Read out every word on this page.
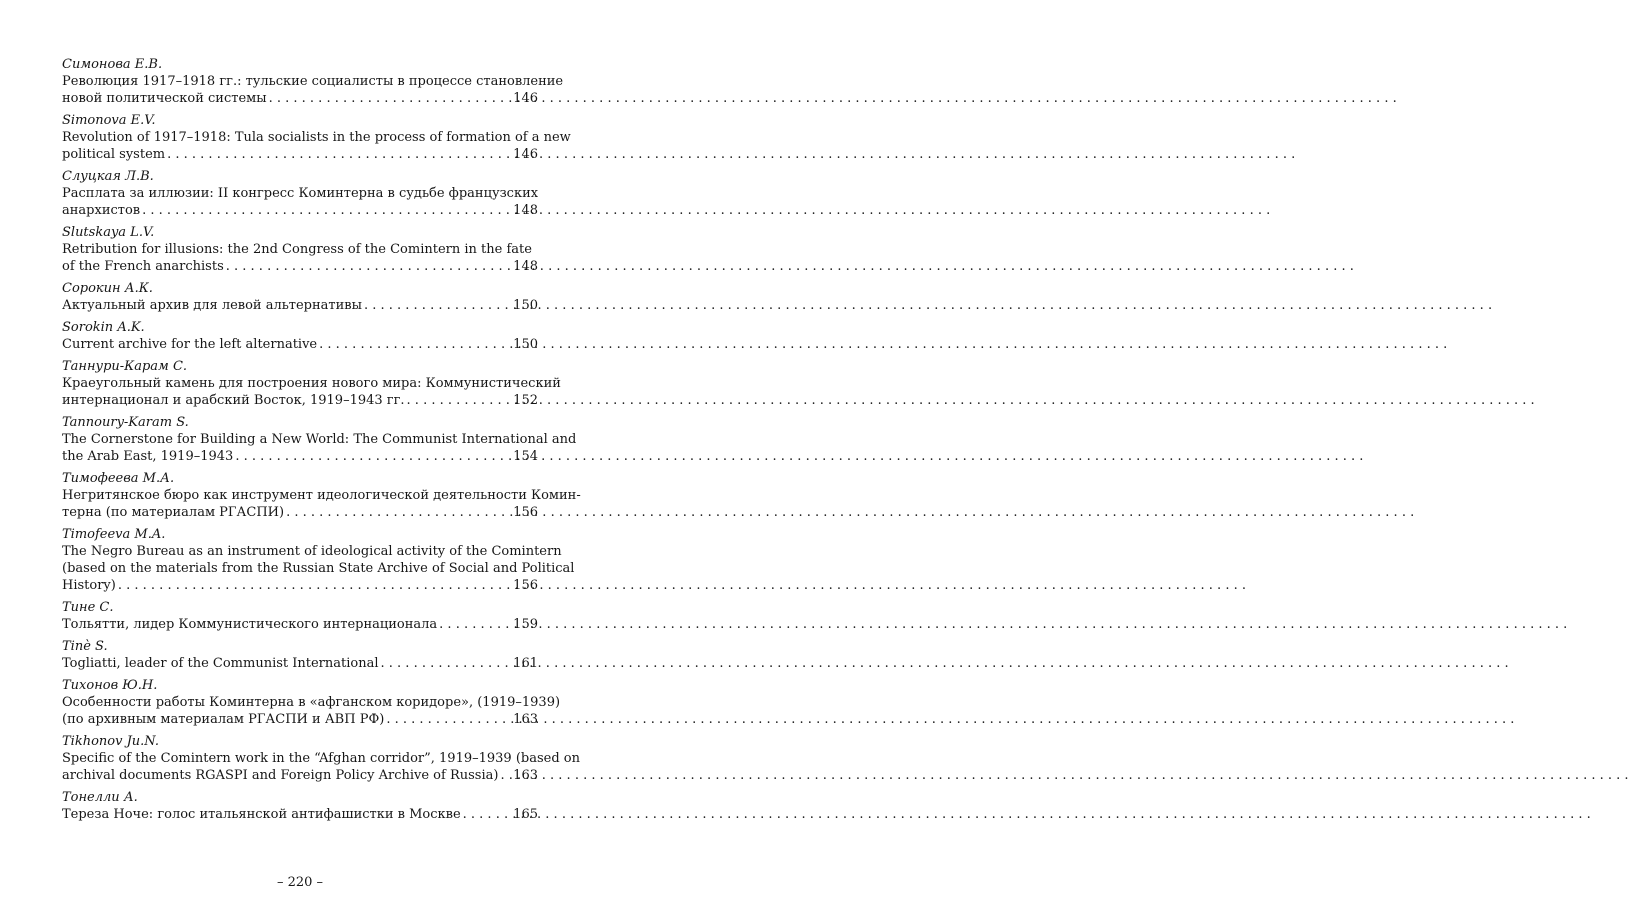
Симонова Е.В.
Революция 1917–1918 гг.: тульские социалисты в процессе становление
новой политической системы . . .	146
Simonova E.V.
Revolution of 1917–1918: Tula socialists in the process of formation of a new
political system . . .	146
Слуцкая Л.В.
Расплата за иллюзии: II конгресс Коминтерна в судьбе французских
анархистов . . .	148
Slutskaya L.V.
Retribution for illusions: the 2nd Congress of the Comintern in the fate
of the French anarchists . . .	148
Сорокин А.К.
Актуальный архив для левой альтернативы . . .	150
Sorokin A.K.
Current archive for the left alternative . . .	150
Таннури-Карам С.
Краеугольный камень для построения нового мира: Коммунистический
интернационал и арабский Восток, 1919–1943 гг. . . .	152
Tannoury-Karam S.
The Cornerstone for Building a New World: The Communist International and
the Arab East, 1919–1943 . . .	154
Тимофеева М.А.
Негритянское бюро как инструмент идеологической деятельности Комин-
терна (по материалам РГАСПИ) . . .	156
Timofeeva M.A.
The Negro Bureau as an instrument of ideological activity of the Comintern
(based on the materials from the Russian State Archive of Social and Political
History) . . .	156
Тине С.
Тольятти, лидер Коммунистического интернационала . . .	159
Tinè S.
Togliatti, leader of the Communist International . . .	161
Тихонов Ю.Н.
Особенности работы Коминтерна в «афганском коридоре», (1919–1939)
(по архивным материалам РГАСПИ и АВП РФ) . . .	163
Tikhonov Ju.N.
Specific of the Comintern work in the “Afghan corridor”, 1919–1939 (based on
archival documents RGASPI and Foreign Policy Archive of Russia) . . . 163
Тонелли А.
Тереза Ноче: голос итальянской антифашистки в Москве . . .	165
– 220 –
